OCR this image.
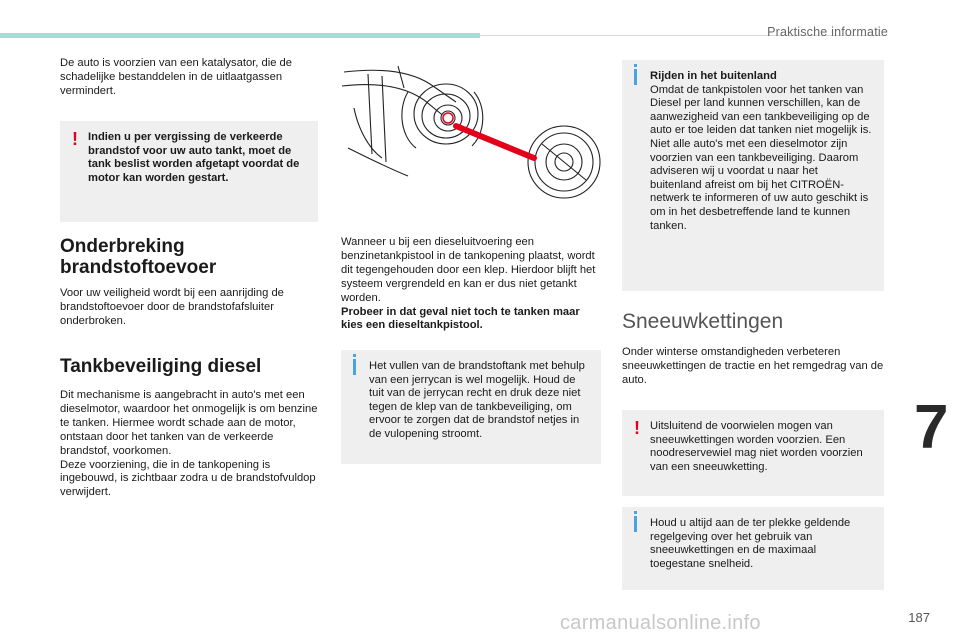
Praktische informatie
De auto is voorzien van een katalysator, die de schadelijke bestanddelen in de uitlaatgassen vermindert.
! Indien u per vergissing de verkeerde brandstof voor uw auto tankt, moet de tank beslist worden afgetapt voordat de motor kan worden gestart.

Onderbreking brandstoftoevoer
Voor uw veiligheid wordt bij een aanrijding de brandstoftoevoer door de brandstofafsluiter onderbroken.
Tankbeveiliging diesel

Dit mechanisme is aangebracht in auto's met een dieselmotor, waardoor het onmogelijk is om benzine te tanken. Hiermee wordt schade aan de motor, ontstaan door het tanken van de verkeerde brandstof, voorkomen.

Deze voorziening, die in de tankopening is ingebouwd, is zichtbaar zodra u de brandstofvuldop verwijdert.

Wanneer u bij een dieseluitvoering een benzinetankpistool in de tankopening plaatst, wordt dit tegengehouden door een klep. Hierdoor blijft het systeem vergrendeld en kan er dus niet getankt worden.

Probeer in dat geval niet toch te tanken maar kies een dieseltankpistool.

Het vullen van de brandstoftank met behulp van een jerrycan is wel mogelijk. Houd de tuit van de jerrycan recht en druk deze niet tegen de klep van de tankbeveiliging, om ervoor te zorgen dat de brandstof netjes in de vulopening stroomt.

Rijden in het buitenland

Omdat de tankpistolen voor het tanken van Diesel per land kunnen verschillen, kan de aanwezigheid van een tankbeveiliging op de auto er toe leiden dat tanken niet mogelijk is.

Niet alle auto's met een dieselmotor zijn voorzien van een tankbeveiliging. Daarom adviseren wij u voordat u naar het buitenland afreist om bij het CITROËN-netwerk te informeren of uw auto geschikt is om in het desbetreffende land te kunnen tanken.

Sneeuwkettingen
Onder winterse omstandigheden verbeteren sneeuwkettingen de tractie en het remgedrag van de auto.
! Uitsluitend de voorwielen mogen van sneeuwkettingen worden voorzien. Een noodreservewiel mag niet worden voorzien van een sneeuwketting.

Houd u altijd aan de ter plekke geldende regelgeving over het gebruik van sneeuwkettingen en de maximaal toegestane snelheid.

7
187
carmanualsonline.info
